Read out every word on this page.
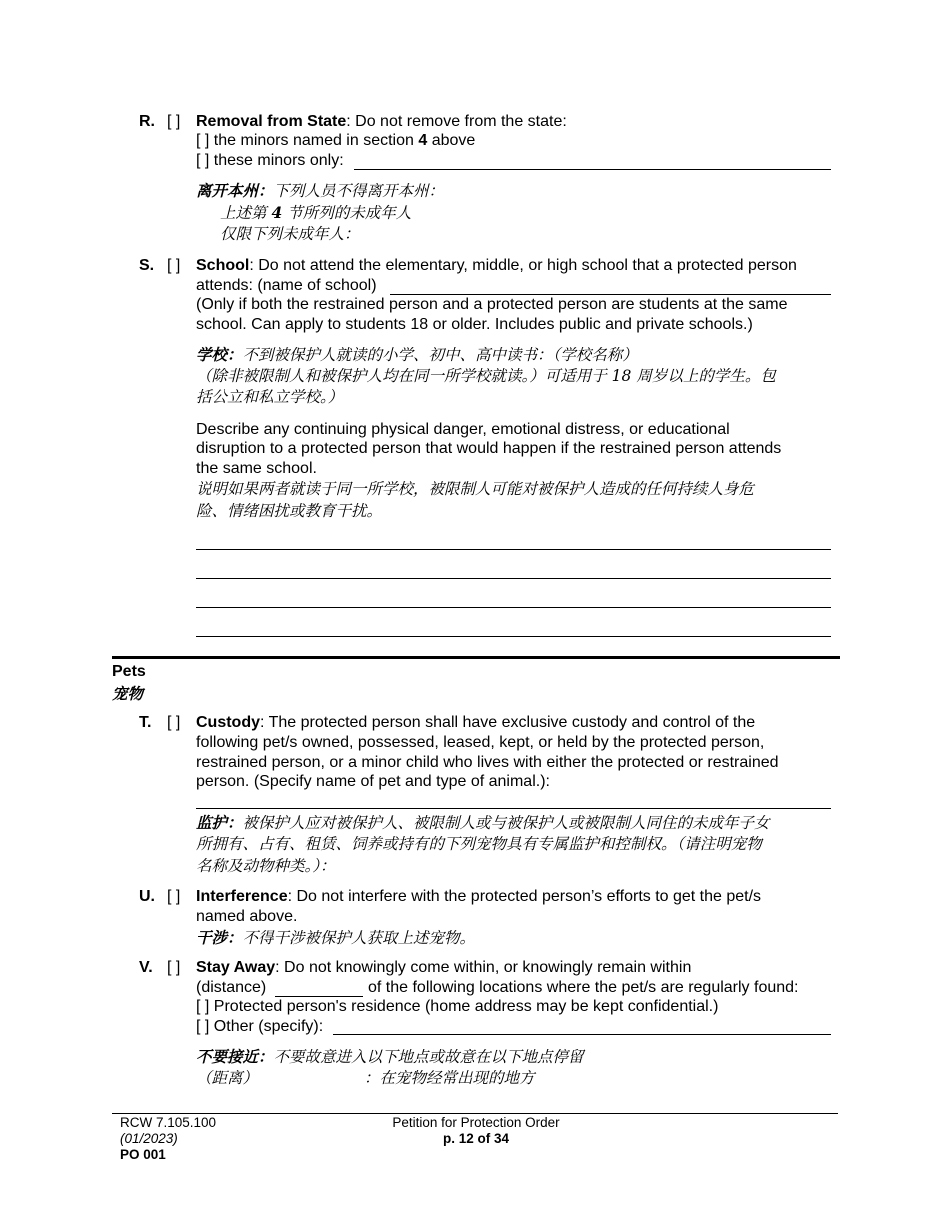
R. [ ] Removal from State: Do not remove from the state:
[ ] the minors named in section 4 above
[ ] these minors only:
离开本州：下列人员不得离开本州：
上述第 4 节所列的未成年人
仅限下列未成年人：
S. [ ] School: Do not attend the elementary, middle, or high school that a protected person
attends: (name of school)
(Only if both the restrained person and a protected person are students at the same
school. Can apply to students 18 or older. Includes public and private schools.)
学校：不到被保护人就读的小学、初中、高中读书：（学校名称）
（除非被限制人和被保护人均在同一所学校就读。）可适用于 18 周岁以上的学生。包
括公立和私立学校。）
Describe any continuing physical danger, emotional distress, or educational
disruption to a protected person that would happen if the restrained person attends
the same school.
说明如果两者就读于同一所学校，被限制人可能对被保护人造成的任何持续人身危
险、情绪困扰或教育干扰。
Pets
宠物
T. [ ] Custody: The protected person shall have exclusive custody and control of the
following pet/s owned, possessed, leased, kept, or held by the protected person,
restrained person, or a minor child who lives with either the protected or restrained
person. (Specify name of pet and type of animal.):
监护：被保护人应对被保护人、被限制人或与被保护人或被限制人同住的未成年子女
所拥有、占有、租赁、饲养或持有的下列宠物具有专属监护和控制权。（请注明宠物
名称及动物种类。）：
U. [ ] Interference: Do not interfere with the protected person’s efforts to get the pet/s
named above.
干涉：不得干涉被保护人获取上述宠物。
V. [ ] Stay Away: Do not knowingly come within, or knowingly remain within
(distance)	of the following locations where the pet/s are regularly found:
[ ] Protected person's residence (home address may be kept confidential.)
[ ] Other (specify):
不要接近：不要故意进入以下地点或故意在以下地点停留
（距离）	：在宠物经常出现的地方
RCW 7.105.100
(01/2023)
PO 001
Petition for Protection Order
p. 12 of 34
